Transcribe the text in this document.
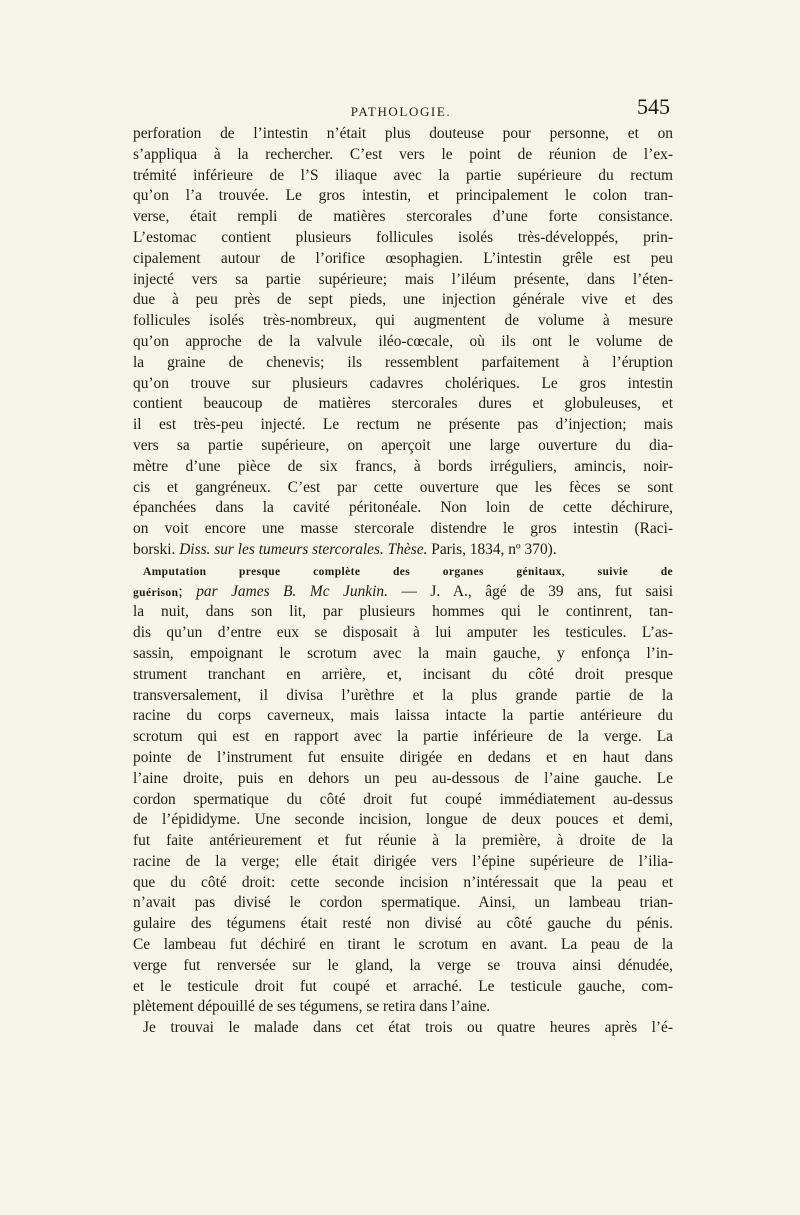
PATHOLOGIE.	545
perforation de l’intestin n’était plus douteuse pour personne, et on
s’appliqua à la rechercher. C’est vers le point de réunion de l’ex-
trémité inférieure de l’S iliaque avec la partie supérieure du rectum
qu’on l’a trouvée. Le gros intestin, et principalement le colon tran-
verse, était rempli de matières stercorales d’une forte consistance.
L’estomac contient plusieurs follicules isolés très-développés, prin-
cipalement autour de l’orifice œsophagien. L’intestin grêle est peu
injecté vers sa partie supérieure; mais l’iléum présente, dans l’éten-
due à peu près de sept pieds, une injection générale vive et des
follicules isolés très-nombreux, qui augmentent de volume à mesure
qu’on approche de la valvule iléo-cœcale, où ils ont le volume de
la graine de chenevis; ils ressemblent parfaitement à l’éruption
qu’on trouve sur plusieurs cadavres cholériques. Le gros intestin
contient beaucoup de matières stercorales dures et globuleuses, et
il est très-peu injecté. Le rectum ne présente pas d’injection; mais
vers sa partie supérieure, on aperçoit une large ouverture du dia-
mètre d’une pièce de six francs, à bords irréguliers, amincis, noir-
cis et gangréneux. C’est par cette ouverture que les fèces se sont
épanchées dans la cavité péritonéale. Non loin de cette déchirure,
on voit encore une masse stercorale distendre le gros intestin (Raci-
borski. Diss. sur les tumeurs stercorales. Thèse. Paris, 1834, nº 370).
Amputation presque complète des organes génitaux, suivie de
guérison; par James B. Mc Junkin. — J. A., âgé de 39 ans, fut saisi
la nuit, dans son lit, par plusieurs hommes qui le continrent, tan-
dis qu’un d’entre eux se disposait à lui amputer les testicules. L’as-
sassin, empoignant le scrotum avec la main gauche, y enfonça l’in-
strument tranchant en arrière, et, incisant du côté droit presque
transversalement, il divisa l’urèthre et la plus grande partie de la
racine du corps caverneux, mais laissa intacte la partie antérieure du
scrotum qui est en rapport avec la partie inférieure de la verge. La
pointe de l’instrument fut ensuite dirigée en dedans et en haut dans
l’aine droite, puis en dehors un peu au-dessous de l’aine gauche. Le
cordon spermatique du côté droit fut coupé immédiatement au-dessus
de l’épididyme. Une seconde incision, longue de deux pouces et demi,
fut faite antérieurement et fut réunie à la première, à droite de la
racine de la verge; elle était dirigée vers l’épine supérieure de l’ilia-
que du côté droit: cette seconde incision n’intéressait que la peau et
n’avait pas divisé le cordon spermatique. Ainsi, un lambeau trian-
gulaire des tégumens était resté non divisé au côté gauche du pénis.
Ce lambeau fut déchiré en tirant le scrotum en avant. La peau de la
verge fut renversée sur le gland, la verge se trouva ainsi dénudée,
et le testicule droit fut coupé et arraché. Le testicule gauche, com-
plètement dépouillé de ses tégumens, se retira dans l’aine.
Je trouvai le malade dans cet état trois ou quatre heures après l’é-
